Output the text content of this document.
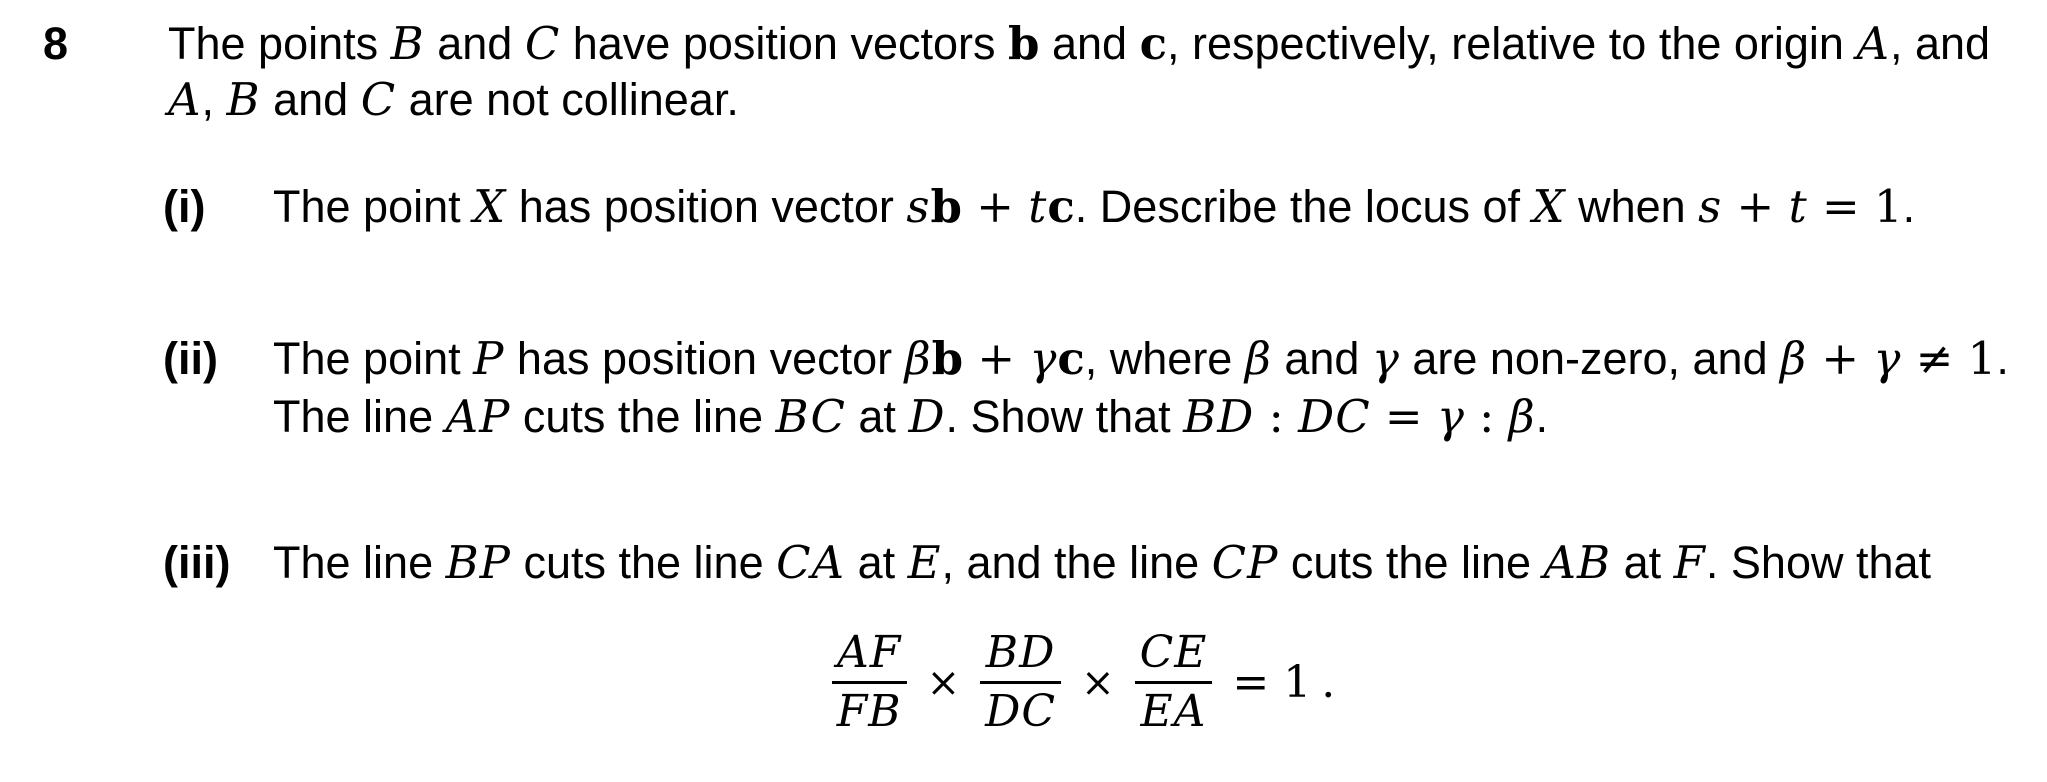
8	The points B and C have position vectors b and c, respectively, relative to the origin A, and
A, B and C are not collinear.
(i)	The point X has position vector sb + tc. Describe the locus of X when s + t = 1.
(ii)	The point P has position vector βb + γc, where β and γ are non-zero, and β + γ ≠ 1.
The line AP cuts the line BC at D. Show that BD : DC = γ : β.
(iii) The line BP cuts the line CA at E, and the line CP cuts the line AB at F. Show that
$\frac{AF}{FB} \times \frac{BD}{DC} \times \frac{CE}{EA} = 1$ .
